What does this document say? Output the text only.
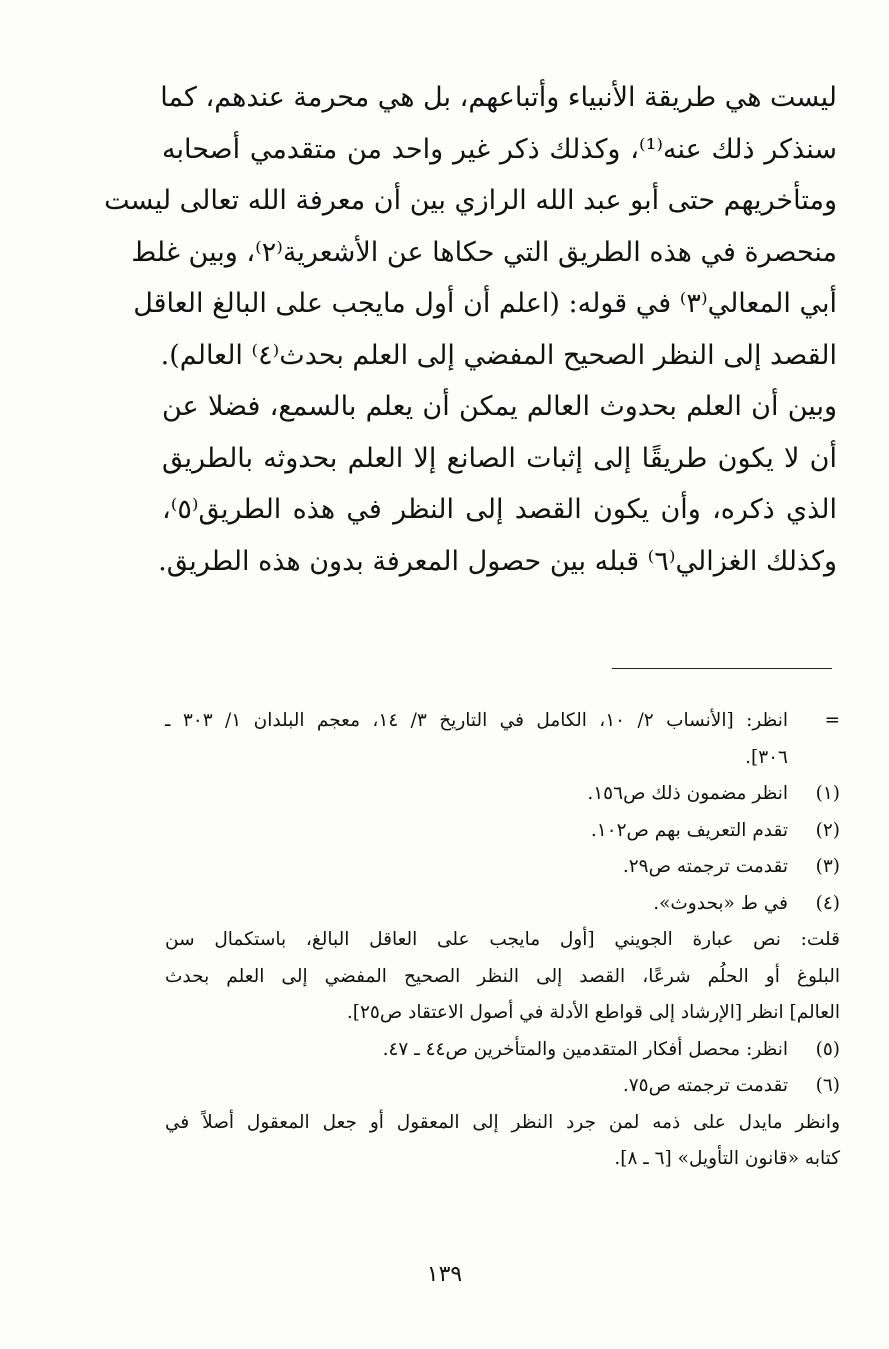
ليست هي طريقة الأنبياء وأتباعهم، بل هي محرمة عندهم، كما
سنذكر ذلك عنه⁽¹⁾، وكذلك ذكر غير واحد من متقدمي أصحابه
ومتأخريهم حتى أبو عبد الله الرازي بين أن معرفة الله تعالى ليست
منحصرة في هذه الطريق التي حكاها عن الأشعرية⁽٢⁾، وبين غلط
أبي المعالي⁽٣⁾ في قوله: (اعلم أن أول مايجب على البالغ العاقل
القصد إلى النظر الصحيح المفضي إلى العلم بحدث⁽٤⁾ العالم).
وبين أن العلم بحدوث العالم يمكن أن يعلم بالسمع، فضلا عن
أن لا يكون طريقًا إلى إثبات الصانع إلا العلم بحدوثه بالطريق
الذي ذكره، وأن يكون القصد إلى النظر في هذه الطريق⁽٥⁾،
وكذلك الغزالي⁽٦⁾ قبله بين حصول المعرفة بدون هذه الطريق.
=
انظر: [الأنساب ٢/ ١٠، الكامل في التاريخ ٣/ ١٤، معجم البلدان ١/ ٣٠٣ ـ
٣٠٦].
(١)
انظر مضمون ذلك ص١٥٦.
(٢)
تقدم التعريف بهم ص١٠٢.
(٣)
تقدمت ترجمته ص٢٩.
(٤)
في ط «بحدوث».
قلت: نص عبارة الجويني [أول مايجب على العاقل البالغ، باستكمال سن
البلوغ أو الحلُم شرعًا، القصد إلى النظر الصحيح المفضي إلى العلم بحدث
العالم] انظر [الإرشاد إلى قواطع الأدلة في أصول الاعتقاد ص٢٥].
(٥)
انظر: محصل أفكار المتقدمين والمتأخرين ص٤٤ ـ ٤٧.
(٦)
تقدمت ترجمته ص٧٥.
وانظر مايدل على ذمه لمن جرد النظر إلى المعقول أو جعل المعقول أصلاً في
كتابه «قانون التأويل» [٦ ـ ٨].
١٣٩
